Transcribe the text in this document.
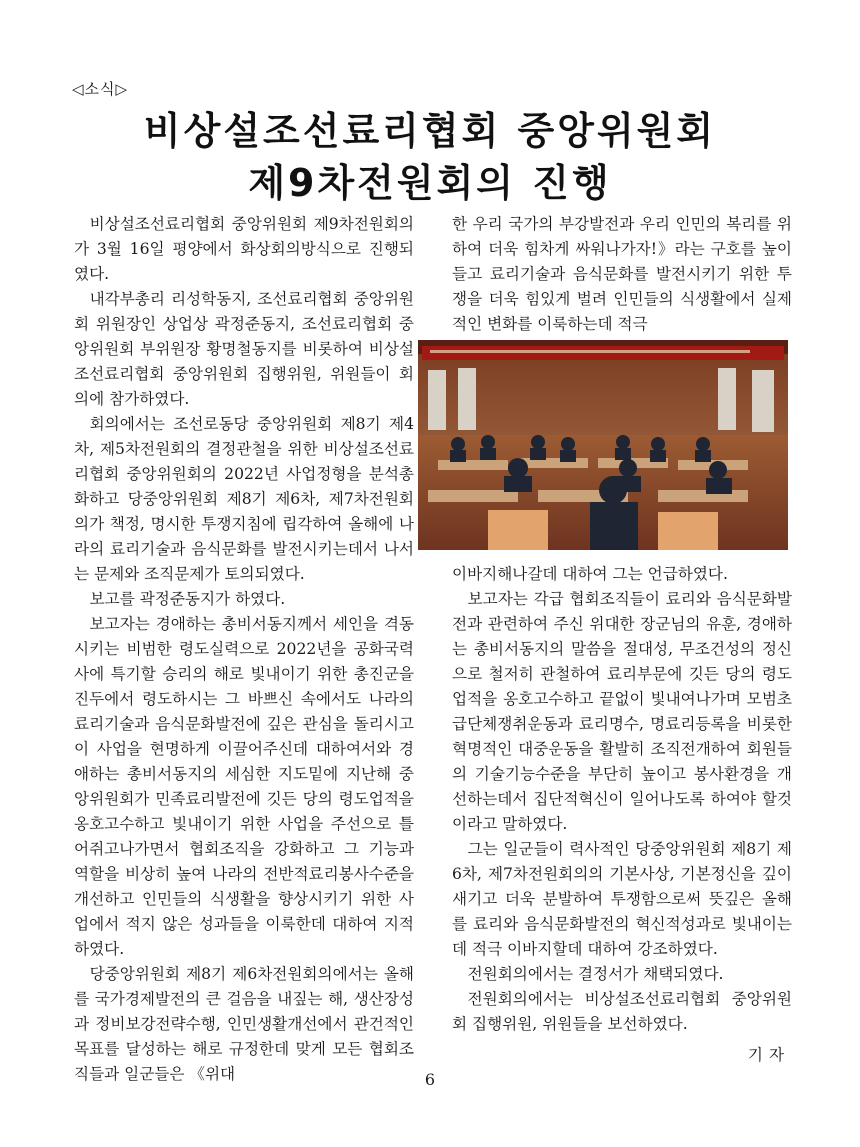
◁소식▷
비상설조선료리협회 중앙위원회
제9차전원회의 진행

비상설조선료리협회 중앙위원회 제9차전원회의가 3월 16일 평양에서 화상회의방식으로 진행되였다.

내각부총리 리성학동지, 조선료리협회 중앙위원회 위원장인 상업상 곽정준동지, 조선료리협회 중앙위원회 부위원장 황명철동지를 비롯하여 비상설조선료리협회 중앙위원회 집행위원, 위원들이 회의에 참가하였다.

회의에서는 조선로동당 중앙위원회 제8기 제4차, 제5차전원회의 결정관철을 위한 비상설조선료리협회 중앙위원회의 2022년 사업정형을 분석총화하고 당중앙위원회 제8기 제6차, 제7차전원회의가 책정, 명시한 투쟁지침에 립각하여 올해에 나라의 료리기술과 음식문화를 발전시키는데서 나서는 문제와 조직문제가 토의되였다.

보고를 곽정준동지가 하였다.

보고자는 경애하는 총비서동지께서 세인을 격동시키는 비범한 령도실력으로 2022년을 공화국력사에 특기할 승리의 해로 빛내이기 위한 총진군을 진두에서 령도하시는 그 바쁘신 속에서도 나라의 료리기술과 음식문화발전에 깊은 관심을 돌리시고 이 사업을 현명하게 이끌어주신데 대하여서와 경애하는 총비서동지의 세심한 지도밑에 지난해 중앙위원회가 민족료리발전에 깃든 당의 령도업적을 옹호고수하고 빛내이기 위한 사업을 주선으로 틀어쥐고나가면서 협회조직을 강화하고 그 기능과 역할을 비상히 높여 나라의 전반적료리봉사수준을 개선하고 인민들의 식생활을 향상시키기 위한 사업에서 적지 않은 성과들을 이룩한데 대하여 지적하였다.

당중앙위원회 제8기 제6차전원회의에서는 올해를 국가경제발전의 큰 걸음을 내짚는 해, 생산장성과 정비보강전략수행, 인민생활개선에서 관건적인 목표를 달성하는 해로 규정한데 맞게 모든 협회조직들과 일군들은 《위대

한 우리 국가의 부강발전과 우리 인민의 복리를 위하여 더욱 힘차게 싸워나가자!》라는 구호를 높이 들고 료리기술과 음식문화를 발전시키기 위한 투쟁을 더욱 힘있게 벌려 인민들의 식생활에서 실제적인 변화를 이룩하는데 적극

이바지해나갈데 대하여 그는 언급하였다.

보고자는 각급 협회조직들이 료리와 음식문화발전과 관련하여 주신 위대한 장군님의 유훈, 경애하는 총비서동지의 말씀을 절대성, 무조건성의 정신으로 철저히 관철하여 료리부문에 깃든 당의 령도업적을 옹호고수하고 끝없이 빛내여나가며 모범초급단체쟁취운동과 료리명수, 명료리등록을 비롯한 혁명적인 대중운동을 활발히 조직전개하여 회원들의 기술기능수준을 부단히 높이고 봉사환경을 개선하는데서 집단적혁신이 일어나도록 하여야 할것이라고 말하였다.

그는 일군들이 력사적인 당중앙위원회 제8기 제6차, 제7차전원회의의 기본사상, 기본정신을 깊이 새기고 더욱 분발하여 투쟁함으로써 뜻깊은 올해를 료리와 음식문화발전의 혁신적성과로 빛내이는데 적극 이바지할데 대하여 강조하였다.

전원회의에서는 결정서가 채택되였다.

전원회의에서는 비상설조선료리협회 중앙위원회 집행위원, 위원들을 보선하였다.

기자
6
